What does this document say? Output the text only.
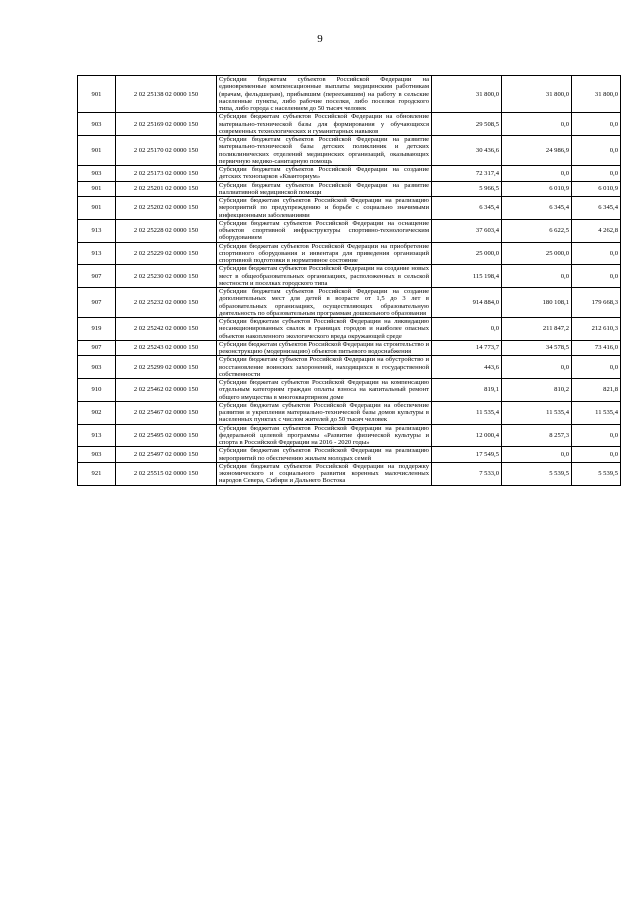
9
901	2 02 25138 02 0000 150	Субсидии бюджетам субъектов Российской Федерации на единовременные компенсационные выплаты медицинским работникам (врачам, фельдшерам), прибывшим (переехавшим) на работу в сельские населенные пункты, либо рабочие поселки, либо поселки городского типа, либо города с населением до 50 тысяч человек	31 800,0	31 800,0	31 800,0
903	2 02 25169 02 0000 150	Субсидии бюджетам субъектов Российской Федерации на обновление материально-технической базы для формирования у обучающихся современных технологических и гуманитарных навыков	29 508,5	0,0	0,0
901	2 02 25170 02 0000 150	Субсидии бюджетам субъектов Российской Федерации на развитие материально-технической базы детских поликлиник и детских поликлинических отделений медицинских организаций, оказывающих первичную медико-санитарную помощь	30 436,6	24 986,9	0,0
903	2 02 25173 02 0000 150	Субсидии бюджетам субъектов Российской Федерации на создание детских технопарков «Кванториум»	72 317,4	0,0	0,0
901	2 02 25201 02 0000 150	Субсидии бюджетам субъектов Российской Федерации на развитие паллиативной медицинской помощи	5 966,5	6 010,9	6 010,9
901	2 02 25202 02 0000 150	Субсидии бюджетам субъектов Российской Федерации на реализацию мероприятий по предупреждению и борьбе с социально значимыми инфекционными заболеваниями	6 345,4	6 345,4	6 345,4
913	2 02 25228 02 0000 150	Субсидии бюджетам субъектов Российской Федерации на оснащение объектов спортивной инфраструктуры спортивно-технологическим оборудованием	37 603,4	6 622,5	4 262,8
913	2 02 25229 02 0000 150	Субсидии бюджетам субъектов Российской Федерации на приобретение спортивного оборудования и инвентаря для приведения организаций спортивной подготовки в нормативное состояние	25 000,0	25 000,0	0,0
907	2 02 25230 02 0000 150	Субсидии бюджетам субъектов Российской Федерации на создание новых мест в общеобразовательных организациях, расположенных в сельской местности и поселках городского типа	115 198,4	0,0	0,0
907	2 02 25232 02 0000 150	Субсидии бюджетам субъектов Российской Федерации на создание дополнительных мест для детей в возрасте от 1,5 до 3 лет в образовательных организациях, осуществляющих образовательную деятельность по образовательным программам дошкольного образования	914 884,0	180 108,1	179 668,3
919	2 02 25242 02 0000 150	Субсидии бюджетам субъектов Российской Федерации на ликвидацию несанкционированных свалок в границах городов и наиболее опасных объектов накопленного экологического вреда окружающей среде	0,0	211 847,2	212 610,3
907	2 02 25243 02 0000 150	Субсидии бюджетам субъектов Российской Федерации на строительство и реконструкцию (модернизацию) объектов питьевого водоснабжения	14 773,7	34 578,5	73 416,0
903	2 02 25299 02 0000 150	Субсидии бюджетам субъектов Российской Федерации на обустройство и восстановление воинских захоронений, находящихся в государственной собственности	443,6	0,0	0,0
910	2 02 25462 02 0000 150	Субсидии бюджетам субъектов Российской Федерации на компенсацию отдельным категориям граждан оплаты взноса на капитальный ремонт общего имущества в многоквартирном доме	819,1	810,2	821,8
902	2 02 25467 02 0000 150	Субсидии бюджетам субъектов Российской Федерации на обеспечение развития и укрепления материально-технической базы домов культуры в населенных пунктах с числом жителей до 50 тысяч человек	11 535,4	11 535,4	11 535,4
913	2 02 25495 02 0000 150	Субсидии бюджетам субъектов Российской Федерации на реализацию федеральной целевой программы «Развитие физической культуры и спорта в Российской Федерации на 2016 - 2020 годы»	12 000,4	8 257,3	0,0
903	2 02 25497 02 0000 150	Субсидии бюджетам субъектов Российской Федерации на реализацию мероприятий по обеспечению жильем молодых семей	17 549,5	0,0	0,0
921	2 02 25515 02 0000 150	Субсидии бюджетам субъектов Российской Федерации на поддержку экономического и социального развития коренных малочисленных народов Севера, Сибири и Дальнего Востока	7 533,0	5 539,5	5 539,5
